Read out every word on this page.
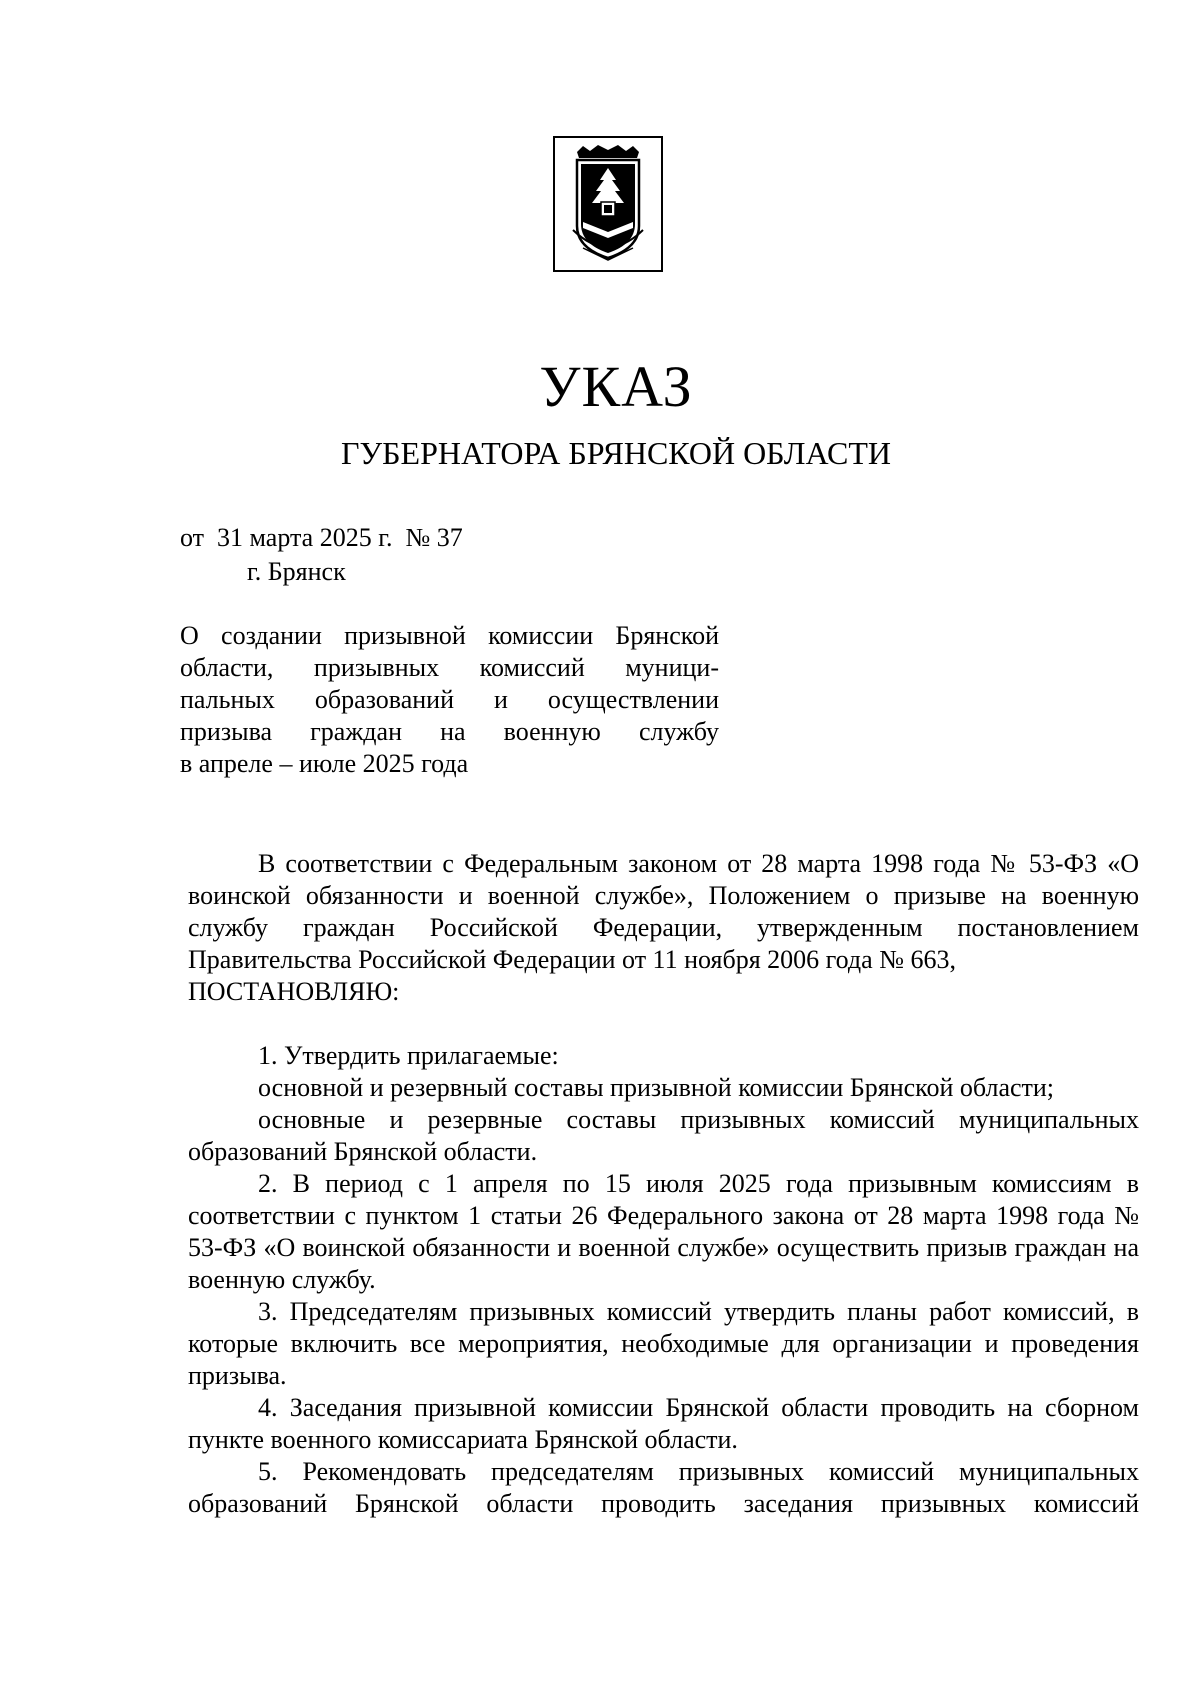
УКАЗ
ГУБЕРНАТОРА БРЯНСКОЙ ОБЛАСТИ
от  31 марта 2025 г.  № 37
г. Брянск
О создании призывной комиссии Брянской
области, призывных комиссий муници-
пальных образований и осуществлении
призыва граждан на военную службу
в апреле – июле 2025 года

В соответствии с Федеральным законом от 28 марта 1998 года № 53-ФЗ «О воинской обязанности и военной службе», Положением о призыве на военную службу граждан Российской Федерации, утвержденным постановлением Правительства Российской Федерации от 11 ноября 2006 года № 663,

ПОСТАНОВЛЯЮ:

1. Утвердить прилагаемые:

основной и резервный составы призывной комиссии Брянской области;

основные и резервные составы призывных комиссий муниципальных образований Брянской области.

2. В период с 1 апреля по 15 июля 2025 года призывным комиссиям в соответствии с пунктом 1 статьи 26 Федерального закона от 28 марта 1998 года № 53-ФЗ «О воинской обязанности и военной службе» осуществить призыв граждан на военную службу.

3. Председателям призывных комиссий утвердить планы работ комиссий, в которые включить все мероприятия, необходимые для организации и проведения призыва.

4. Заседания призывной комиссии Брянской области проводить на сборном пункте военного комиссариата Брянской области.

5. Рекомендовать председателям призывных комиссий муниципальных образований Брянской области проводить заседания призывных комиссий
